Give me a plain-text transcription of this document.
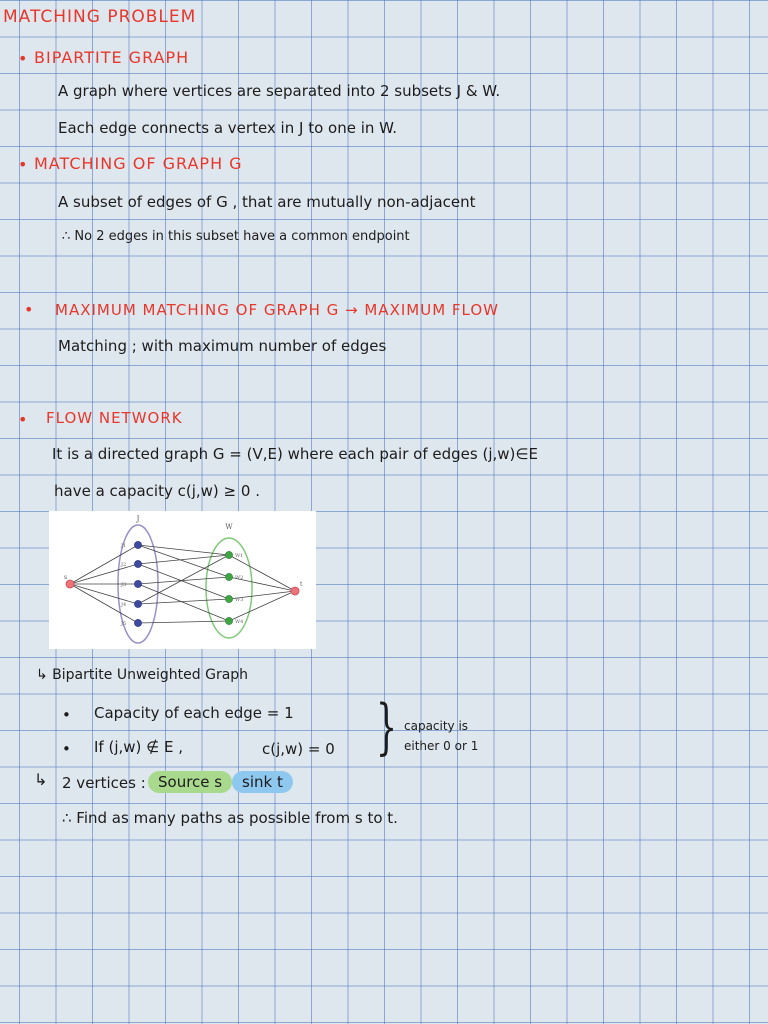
MATCHING PROBLEM
• BIPARTITE GRAPH
A graph where vertices are separated into 2 subsets J & W.
Each edge connects a vertex in J to one in W.
• MATCHING OF GRAPH G
A subset of edges of G , that are mutually non-adjacent
∴ No 2 edges in this subset have a common endpoint
• MAXIMUM MATCHING OF GRAPH G → MAXIMUM FLOW
Matching ; with maximum number of edges
• FLOW NETWORK
It is a directed graph G = (V,E) where each pair of edges (j,w)∈E
have a capacity c(j,w) ≥ 0 .
J
W
s
t
J1
J2
J3
J4
J5
W1
W2
W3
W4
↳ Bipartite Unweighted Graph
• Capacity of each edge = 1
• If (j,w) ∉ E ,	c(j,w) = 0 } capacity is
either 0 or 1
↳ 2 vertices : Source s	sink t
∴ Find as many paths as possible from s to t.
